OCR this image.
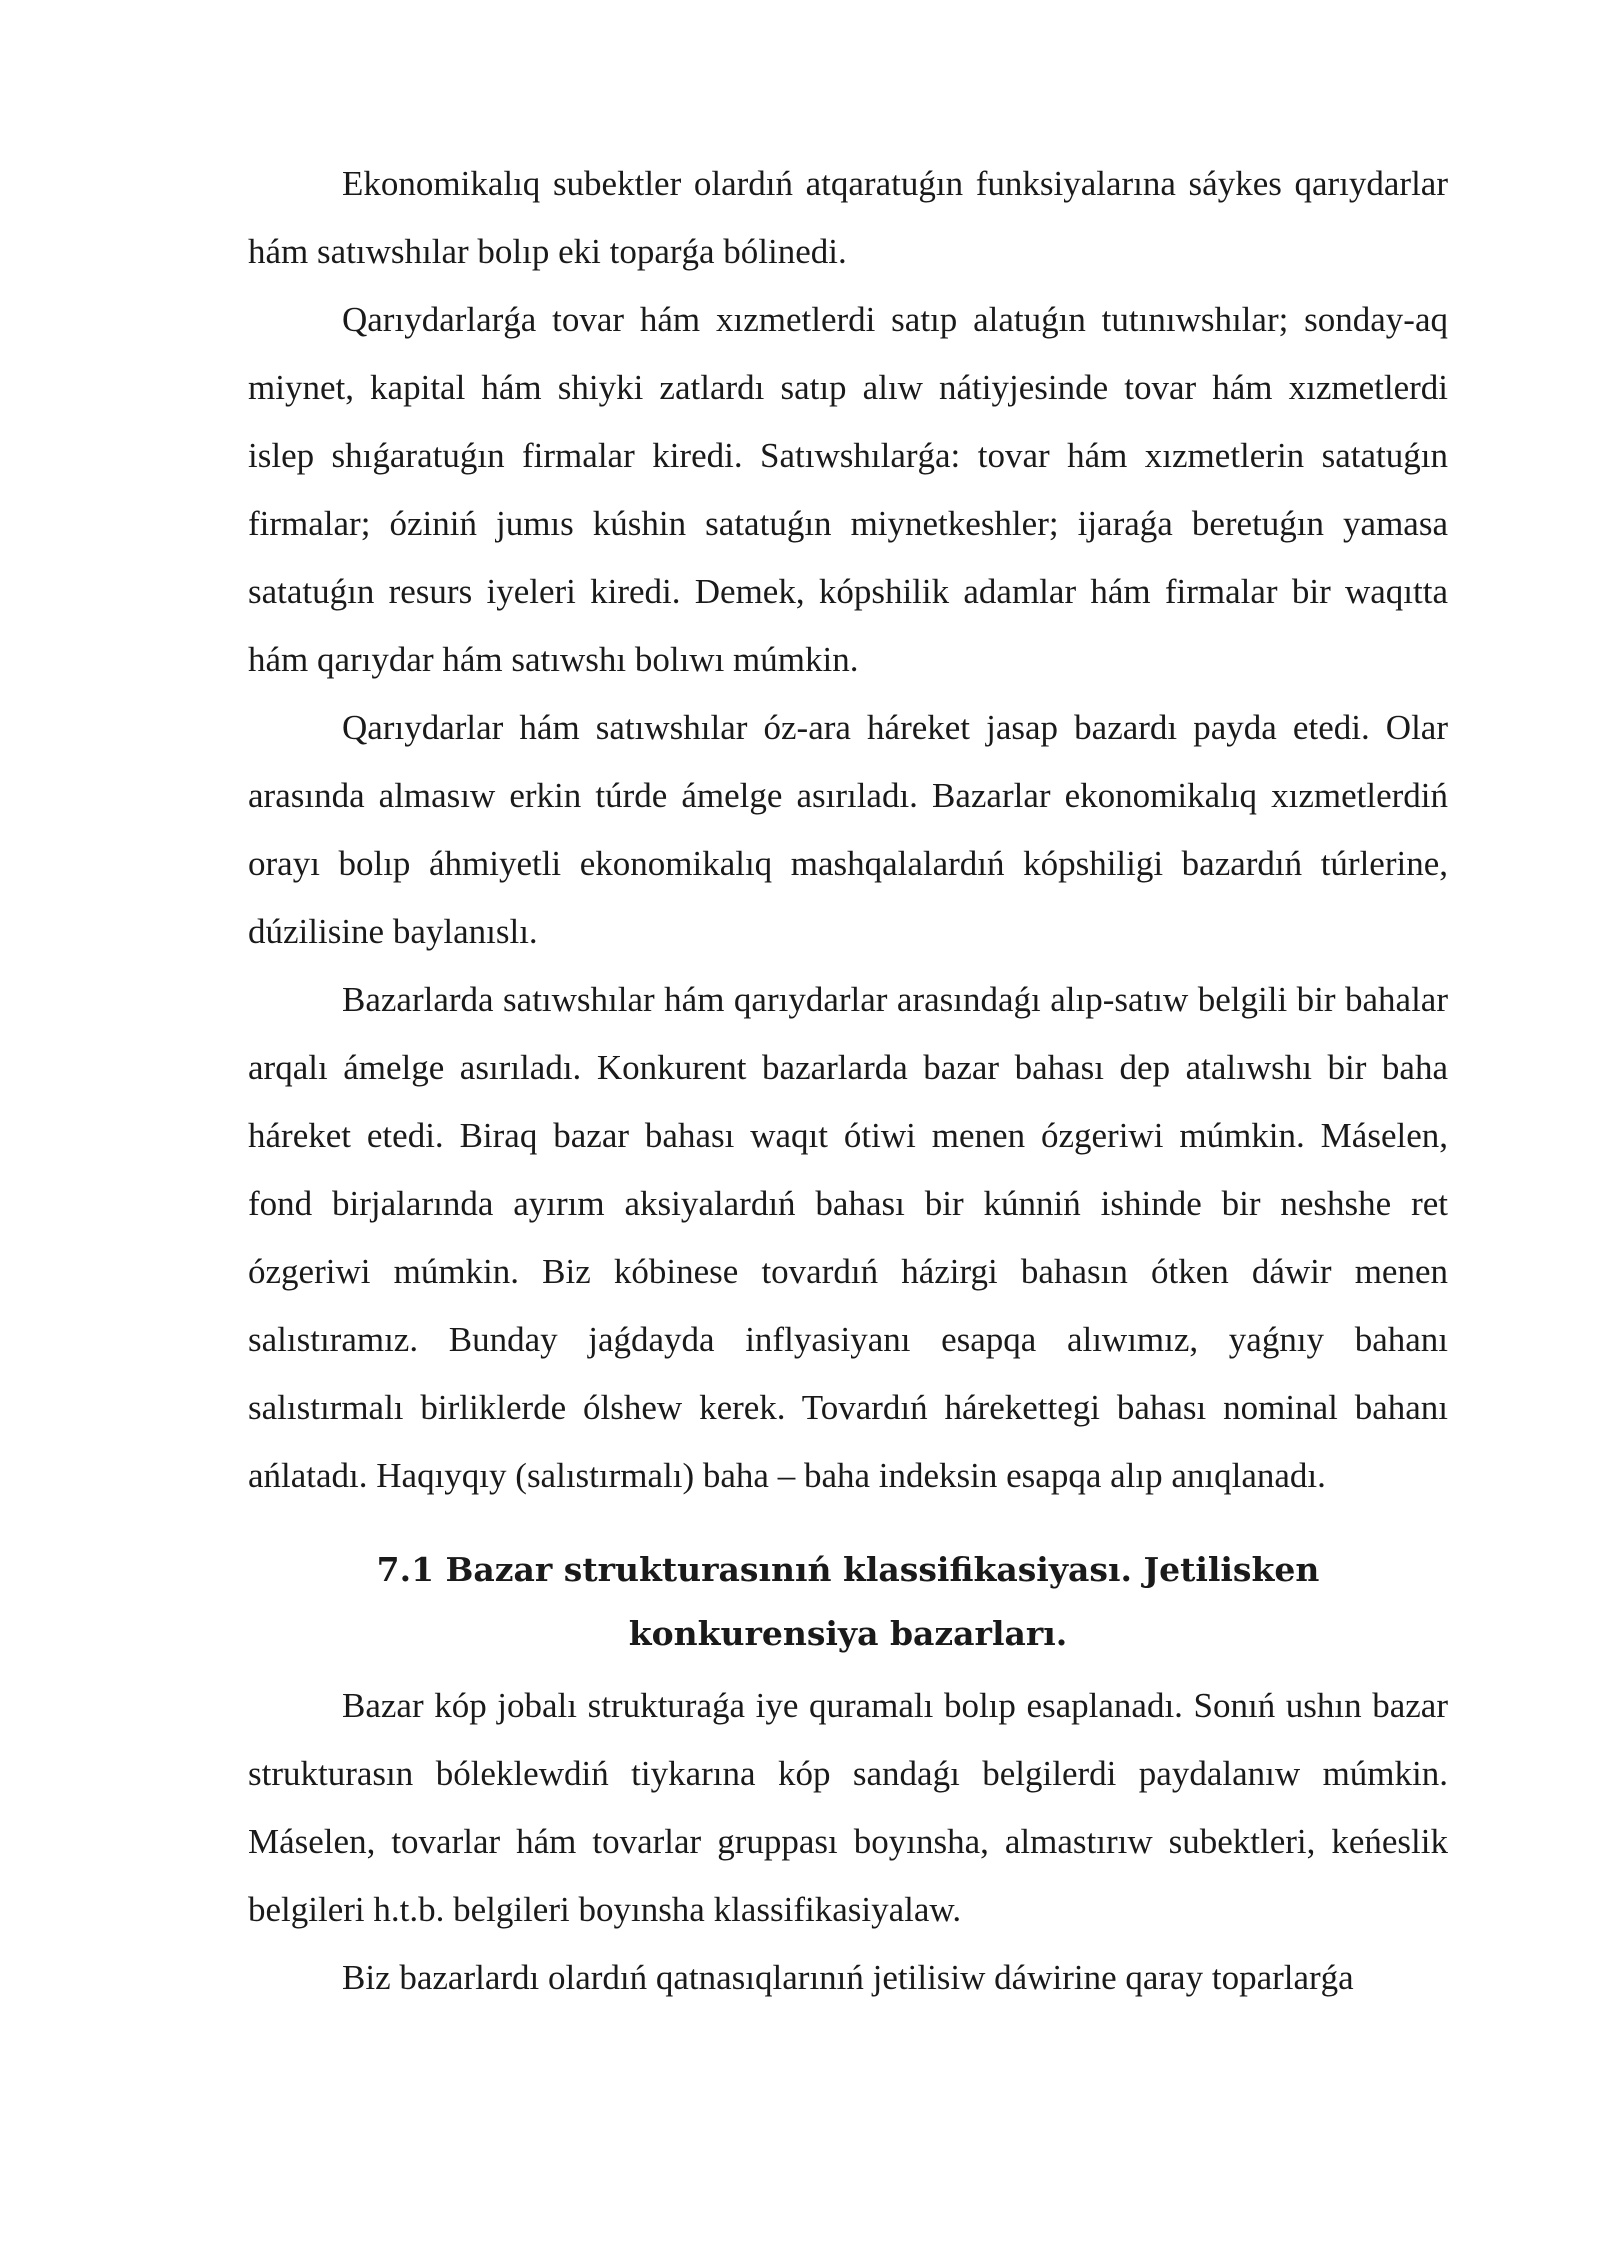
Ekonomikalıq subektler olardıń atqaratuǵın funksiyalarına sáykes qarıydarlar hám satıwshılar bolıp eki toparǵa bólinedi.

Qarıydarlarǵa tovar hám xızmetlerdi satıp alatuǵın tutınıwshılar; sonday-aq miynet, kapital hám shiyki zatlardı satıp alıw nátiyjesinde tovar hám xızmetlerdi islep shıǵaratuǵın firmalar kiredi. Satıwshılarǵa: tovar hám xızmetlerin satatuǵın firmalar; óziniń jumıs kúshin satatuǵın miynetkeshler; ijaraǵa beretuǵın yamasa satatuǵın resurs iyeleri kiredi. Demek, kópshilik adamlar hám firmalar bir waqıtta hám qarıydar hám satıwshı bolıwı múmkin.

Qarıydarlar hám satıwshılar óz-ara háreket jasap bazardı payda etedi. Olar arasında almasıw erkin túrde ámelge asırıladı. Bazarlar ekonomikalıq xızmetlerdiń orayı bolıp áhmiyetli ekonomikalıq mashqalalardıń kópshiligi bazardıń túrlerine, dúzilisine baylanıslı.

Bazarlarda satıwshılar hám qarıydarlar arasındaǵı alıp-satıw belgili bir bahalar arqalı ámelge asırıladı. Konkurent bazarlarda bazar bahası dep atalıwshı bir baha háreket etedi. Biraq bazar bahası waqıt ótiwi menen ózgeriwi múmkin. Máselen, fond birjalarında ayırım aksiyalardıń bahası bir kúnniń ishinde bir neshshe ret ózgeriwi múmkin. Biz kóbinese tovardıń házirgi bahasın ótken dáwir menen salıstıramız. Bunday jaǵdayda inflyasiyanı esapqa alıwımız, yaǵnıy bahanı salıstırmalı birliklerde ólshew kerek. Tovardıń hárekettegi bahası nominal bahanı ańlatadı. Haqıyqıy (salıstırmalı) baha – baha indeksin esapqa alıp anıqlanadı.

7.1 Bazar strukturasınıń klassifikasiyası. Jetilisken konkurensiya bazarları.

Bazar kóp jobalı strukturaǵa iye quramalı bolıp esaplanadı. Sonıń ushın bazar strukturasın bóleklewdiń tiykarına kóp sandaǵı belgilerdi paydalanıw múmkin. Máselen, tovarlar hám tovarlar gruppası boyınsha, almastırıw subektleri, keńeslik belgileri h.t.b. belgileri boyınsha klassifikasiyalaw.

Biz bazarlardı olardıń qatnasıqlarınıń jetilisiw dáwirine qaray toparlarǵa
